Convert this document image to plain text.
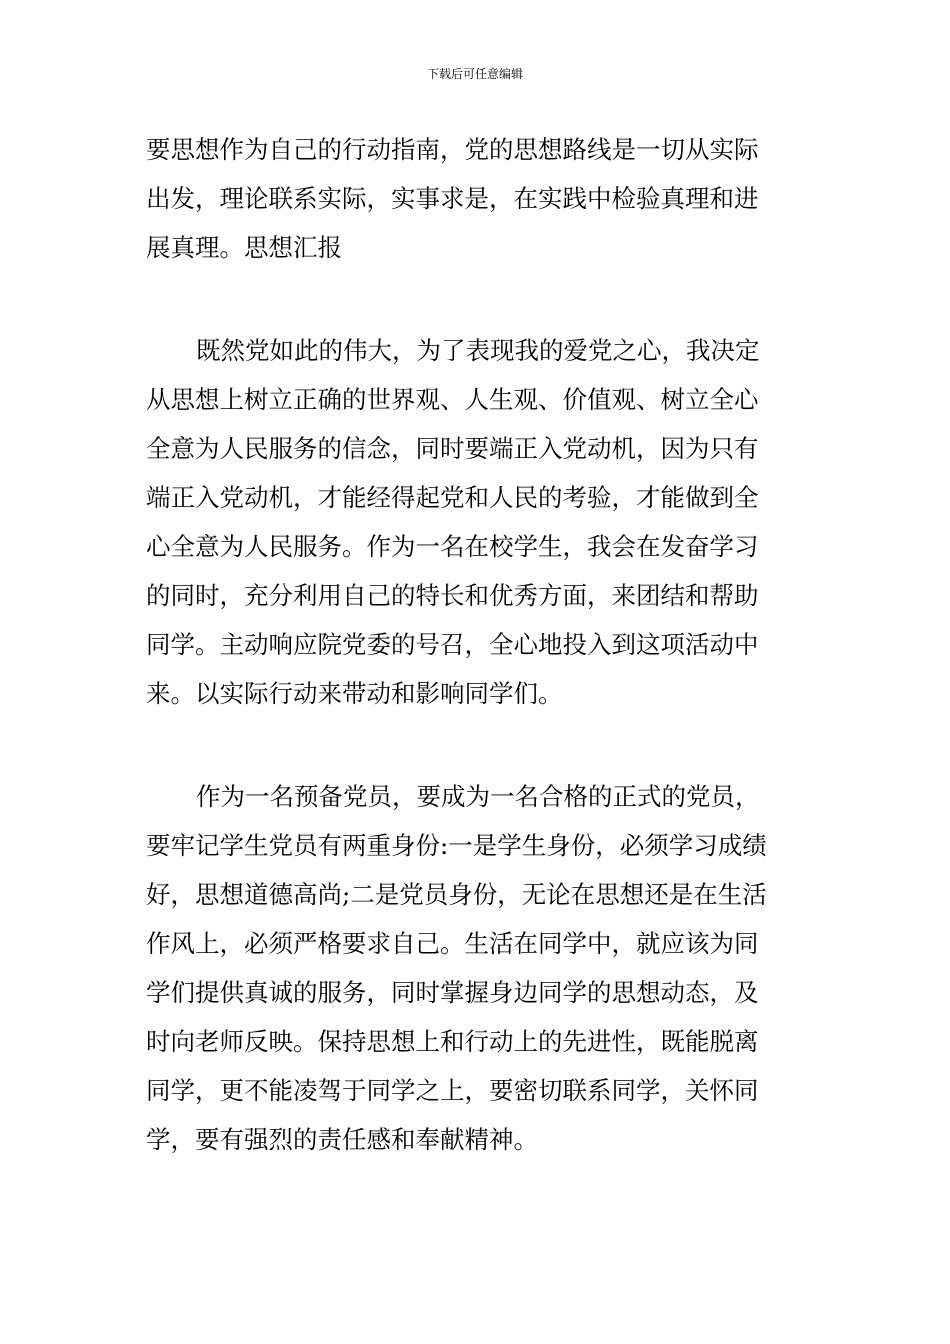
下载后可任意编辑
要思想作为自己的行动指南，党的思想路线是一切从实际
出发，理论联系实际，实事求是，在实践中检验真理和进
展真理。思想汇报
既然党如此的伟大，为了表现我的爱党之心，我决定
从思想上树立正确的世界观、人生观、价值观、树立全心
全意为人民服务的信念，同时要端正入党动机，因为只有
端正入党动机，才能经得起党和人民的考验，才能做到全
心全意为人民服务。作为一名在校学生，我会在发奋学习
的同时，充分利用自己的特长和优秀方面，来团结和帮助
同学。主动响应院党委的号召，全心地投入到这项活动中
来。以实际行动来带动和影响同学们。
作为一名预备党员，要成为一名合格的正式的党员，
要牢记学生党员有两重身份:一是学生身份，必须学习成绩
好，思想道德高尚;二是党员身份，无论在思想还是在生活
作风上，必须严格要求自己。生活在同学中，就应该为同
学们提供真诚的服务，同时掌握身边同学的思想动态，及
时向老师反映。保持思想上和行动上的先进性，既能脱离
同学，更不能凌驾于同学之上，要密切联系同学，关怀同
学，要有强烈的责任感和奉献精神。
